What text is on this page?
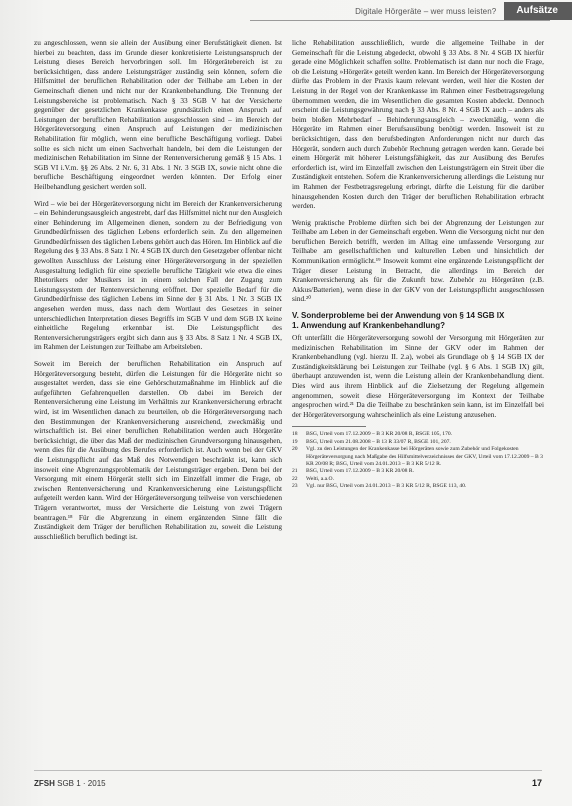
Digitale Hörgeräte – wer muss leisten?	Aufsätze

zu angeschlossen, wenn sie allein der Ausübung einer Berufstätigkeit dienen. Ist hierbei zu beachten, dass im Grunde dieser konkretisierte Leistungsanspruch der Leistung dieses Bereich hervorbringen soll. Im Hörgerätebereich ist zu berücksichtigen, dass andere Leistungsträger zuständig sein können, sofern die Hilfsmittel der beruflichen Rehabilitation oder der Teilhabe am Leben in der Gemeinschaft dienen und nicht nur der Krankenbehandlung. Die Trennung der Leistungsbereiche ist problematisch. Nach § 33 SGB V hat der Versicherte gegenüber der gesetzlichen Krankenkasse grundsätzlich einen Anspruch auf Leistungen der beruflichen Rehabilitation ausgeschlossen sind – im Bereich der Hörgeräteversorgung einen Anspruch auf Leistungen der medizinischen Rehabilitation für möglich, wenn eine berufliche Beschäftigung vorliegt. Dabei sollte es sich nicht um einen Sachverhalt handeln, bei dem die Leistungen der medizinischen Rehabilitation im Sinne der Rentenversicherung gemäß § 15 Abs. 1 SGB VI i.V.m. §§ 26 Abs. 2 Nr. 6, 31 Abs. 1 Nr. 3 SGB IX, sowie nicht ohne die berufliche Beschäftigung eingeordnet werden könnten. Der Erfolg einer Heilbehandlung gesichert werden soll.

Wird – wie bei der Hörgeräteversorgung nicht im Bereich der Krankenversicherung – ein Behinderungsausgleich angestrebt, darf das Hilfsmittel nicht nur den Ausgleich einer Behinderung im Allgemeinen dienen, sondern zu der Befriedigung von Grundbedürfnissen des täglichen Lebens erforderlich sein. Zu den allgemeinen Grundbedürfnissen des täglichen Lebens gehört auch das Hören. Im Hinblick auf die Regelung des § 33 Abs. 8 Satz 1 Nr. 4 SGB IX durch den Gesetzgeber offenbar nicht gewollten Ausschluss der Leistung einer Hörgeräteversorgung in der speziellen Ausgestaltung lediglich für eine spezielle berufliche Tätigkeit wie etwa die eines Rhetorikers oder Musikers ist in einem solchen Fall der Zugang zum Leistungssystem der Rentenversicherung eröffnet. Der spezielle Bedarf für die Grundbedürfnisse des täglichen Lebens im Sinne der § 31 Abs. 1 Nr. 3 SGB IX angesehen werden muss, dass nach dem Wortlaut des Gesetzes in seiner unterschiedlichen Interpretation dieses Begriffs im SGB V und dem SGB IX keine einheitliche Regelung erkennbar ist. Die Leistungspflicht des Rentenversicherungsträgers ergibt sich dann aus § 33 Abs. 8 Satz 1 Nr. 4 SGB IX, im Rahmen der Leistungen zur Teilhabe am Arbeitsleben.

Soweit im Bereich der beruflichen Rehabilitation ein Anspruch auf Hörgeräteversorgung besteht, dürfen die Leistungen für die Hörgeräte nicht so ausgestaltet werden, dass sie eine Gehörschutzmaßnahme im Hinblick auf die aufgeführten Gefahrenquellen darstellen. Ob dabei im Bereich der Rentenversicherung eine Leistung im Verhältnis zur Krankenversicherung erbracht wird, ist im Wesentlichen danach zu beurteilen, ob die Hörgeräteversorgung nach den Bestimmungen der Krankenversicherung ausreichend, zweckmäßig und wirtschaftlich ist. Bei einer beruflichen Rehabilitation werden auch Hörgeräte berücksichtigt, die über das Maß der medizinischen Grundversorgung hinausgehen, wenn dies für die Ausübung des Berufes erforderlich ist. Auch wenn bei der GKV die Leistungspflicht auf das Maß des Notwendigen beschränkt ist, kann sich insoweit eine Abgrenzungsproblematik der Leistungsträger ergeben. Denn bei der Versorgung mit einem Hörgerät stellt sich im Einzelfall immer die Frage, ob zwischen Rentenversicherung und Krankenversicherung eine Leistungspflicht aufgeteilt werden kann. Wird der Hörgeräteversorgung teilweise von verschiedenen Trägern verantwortet, muss der Versicherte die Leistung von zwei Trägern beantragen.¹⁸ Für die Abgrenzung in einem ergänzenden Sinne fällt die Zuständigkeit dem Träger der beruflichen Rehabilitation zu, soweit die Leistung ausschließlich beruflich bedingt ist.

liche Rehabilitation ausschließlich, wurde die allgemeine Teilhabe in der Gemeinschaft für die Leistung abgedeckt, obwohl § 33 Abs. 8 Nr. 4 SGB IX hierfür gerade eine Möglichkeit schaffen sollte. Problematisch ist dann nur noch die Frage, ob die Leistung »Hörgerät« geteilt werden kann. Im Bereich der Hörgeräteversorgung dürfte das Problem in der Praxis kaum relevant werden, weil hier die Kosten der Leistung in der Regel von der Krankenkasse im Rahmen einer Festbetragsregelung übernommen werden, die im Wesentlichen die gesamten Kosten abdeckt. Dennoch erscheint die Leistungsgewährung nach § 33 Abs. 8 Nr. 4 SGB IX auch – anders als beim bloßen Mehrbedarf – Behinderungsausgleich – zweckmäßig, wenn die Hörgeräte im Rahmen einer Berufsausübung benötigt werden. Insoweit ist zu berücksichtigen, dass den berufsbedingten Anforderungen nicht nur durch das Hörgerät, sondern auch durch Zubehör Rechnung getragen werden kann. Gerade bei einem Hörgerät mit höherer Leistungsfähigkeit, das zur Ausübung des Berufes erforderlich ist, wird im Einzelfall zwischen den Leistungsträgern ein Streit über die Zuständigkeit entstehen. Sofern die Krankenversicherung allerdings die Leistung nur im Rahmen der Festbetragsregelung erbringt, dürfte die Leistung für die darüber hinausgehenden Kosten durch den Träger der beruflichen Rehabilitation erbracht werden.

Wenig praktische Probleme dürften sich bei der Abgrenzung der Leistungen zur Teilhabe am Leben in der Gemeinschaft ergeben. Wenn die Versorgung nicht nur den beruflichen Bereich betrifft, werden im Alltag eine umfassende Versorgung zur Teilhabe am gesellschaftlichen und kulturellen Leben und hinsichtlich der Kommunikation ermöglicht.¹⁹ Insoweit kommt eine ergänzende Leistungspflicht der Träger dieser Leistung in Betracht, die allerdings im Bereich der Krankenversicherung als für die Zukunft bzw. Zubehör zu Hörgeräten (z.B. Akkus/Batterien), wenn diese in der GKV von der Leistungspflicht ausgeschlossen sind.²⁰

V. Sonderprobleme bei der Anwendung von § 14 SGB IX
1. Anwendung auf Krankenbehandlung?

Oft unterfällt die Hörgeräteversorgung sowohl der Versorgung mit Hörgeräten zur medizinischen Rehabilitation im Sinne der GKV oder im Rahmen der Krankenbehandlung (vgl. hierzu II. 2.a), wobei als Grundlage ob § 14 SGB IX der Zuständigkeitsklärung bei Leistungen zur Teilhabe (vgl. § 6 Abs. 1 SGB IX) gilt, überhaupt anzuwenden ist, wenn die Leistung allein der Krankenbehandlung dient. Dies wird aus ihrem Hinblick auf die Zielsetzung der Regelung allgemein angenommen, soweit diese Hörgeräteversorgung im Kontext der Teilhabe angesprochen wird.²¹ Da die Teilhabe zu beschränken sein kann, ist im Einzelfall bei der Hörgeräteversorgung wahrscheinlich als eine Leistung anzusehen.

18	BSG, Urteil vom 17.12.2009 – B 3 KR 20/08 R, BSGE 105, 170.
19	BSG, Urteil vom 21.08.2008 – B 13 R 33/07 R, BSGE 101, 207.
20	Vgl. zu den Leistungen der Krankenkasse bei Hörgeräten sowie zum Zubehör und Folgekosten Hörgeräteversorgung nach Maßgabe des Hilfsmittelverzeichnisses der GKV, Urteil vom 17.12.2009 – B 3 KR 20/08 R; BSG, Urteil vom 24.01.2013 – B 3 KR 5/12 R.
21	BSG, Urteil vom 17.12.2009 – B 3 KR 20/08 R.
22	Welti, a.a.O.
23	Vgl. nur BSG, Urteil vom 24.01.2013 – B 3 KR 5/12 R, BSGE 113, 40.
ZFSH SGB 1 · 2015	17
